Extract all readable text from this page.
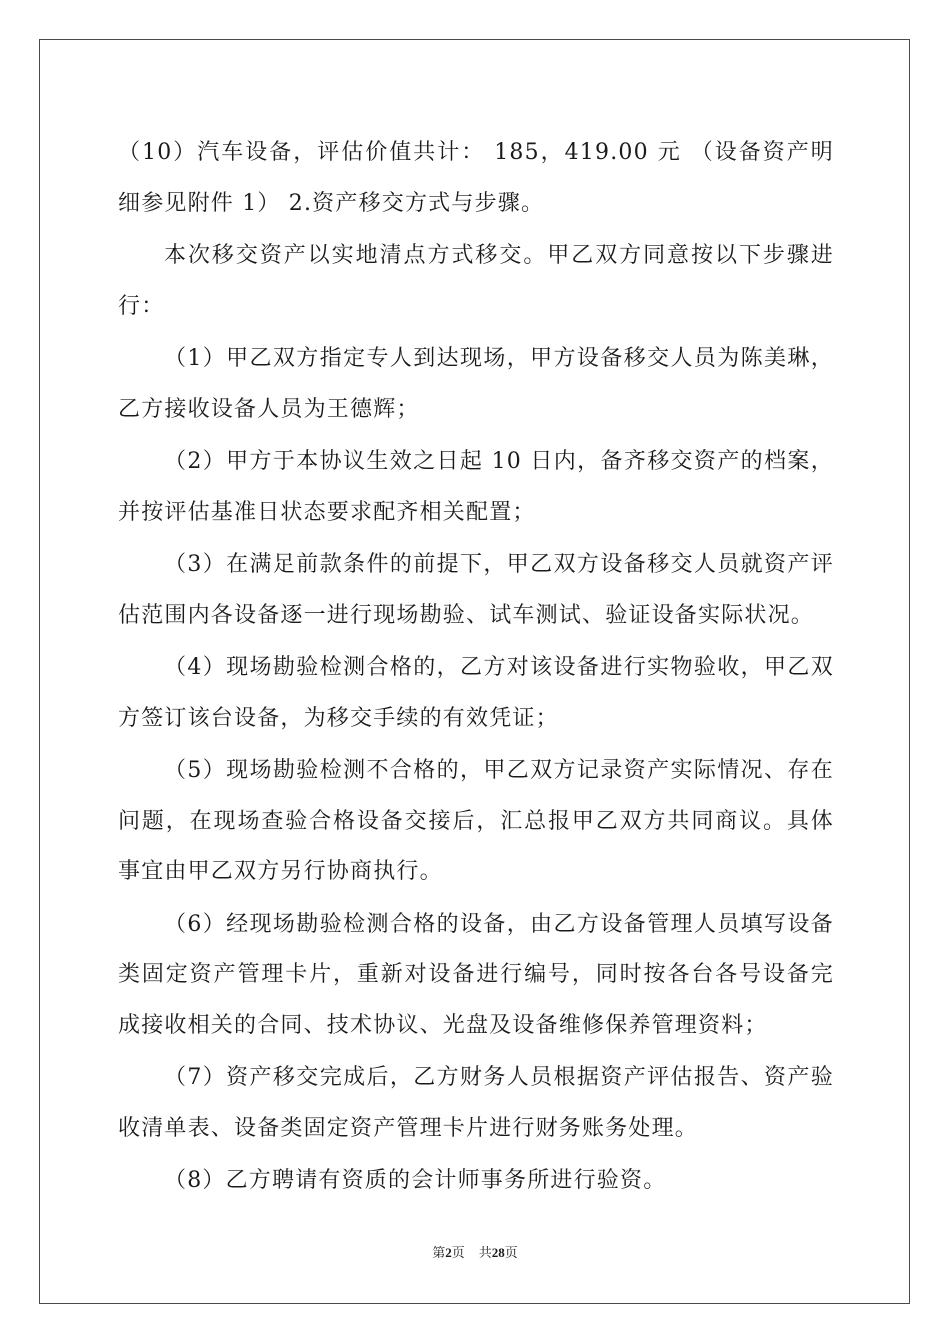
（10）汽车设备，评估价值共计： 185，419.00 元 （设备资产明细参见附件 1） 2.资产移交方式与步骤。

本次移交资产以实地清点方式移交。甲乙双方同意按以下步骤进行：

（1）甲乙双方指定专人到达现场，甲方设备移交人员为陈美琳，乙方接收设备人员为王德辉；

（2）甲方于本协议生效之日起 10 日内，备齐移交资产的档案，并按评估基准日状态要求配齐相关配置；

（3）在满足前款条件的前提下，甲乙双方设备移交人员就资产评估范围内各设备逐一进行现场勘验、试车测试、验证设备实际状况。

（4）现场勘验检测合格的，乙方对该设备进行实物验收，甲乙双方签订该台设备，为移交手续的有效凭证；

（5）现场勘验检测不合格的，甲乙双方记录资产实际情况、存在问题，在现场查验合格设备交接后，汇总报甲乙双方共同商议。具体事宜由甲乙双方另行协商执行。

（6）经现场勘验检测合格的设备，由乙方设备管理人员填写设备类固定资产管理卡片，重新对设备进行编号，同时按各台各号设备完成接收相关的合同、技术协议、光盘及设备维修保养管理资料；

（7）资产移交完成后，乙方财务人员根据资产评估报告、资产验收清单表、设备类固定资产管理卡片进行财务账务处理。

（8）乙方聘请有资质的会计师事务所进行验资。

第2页 共28页
